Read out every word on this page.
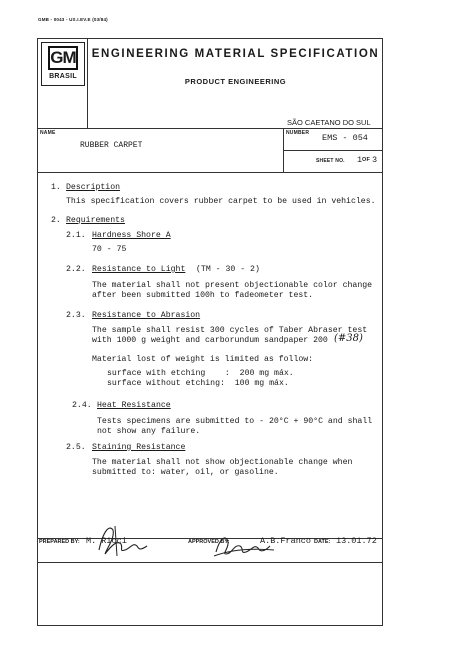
GMB - 0043 - US.I.EV.E (03/84)
GM
BRASIL
ENGINEERING MATERIAL SPECIFICATION
PRODUCT ENGINEERING
SÃO CAETANO DO SUL
NAME
RUBBER CARPET
NUMBER EMS - 054
SHEET NO. 1 OF 3
1. Description
This specification covers rubber carpet to be used in vehicles.
2. Requirements
2.1. Hardness Shore A
70 - 75
2.2. Resistance to Light (TM - 30 - 2)
The material shall not present objectionable color change
after been submitted 100h to fadeometer test.
2.3. Resistance to Abrasion
The sample shall resist 300 cycles of Taber Abraser test
with 1000 g weight and carborundum sandpaper 200 (#38)
Material lost of weight is limited as follow:
surface with etching    :  200 mg máx.
surface without etching:  100 mg máx.
2.4. Heat Resistance
Tests specimens are submitted to - 20°C + 90°C and shall
not show any failure.
2.5. Staining Resistance
The material shall not show objectionable change when
submitted to: water, oil, or gasoline.
PREPARED BY: M. Ricci	APPROVED BY:	A.B.Franco DATE: 13.01.72
